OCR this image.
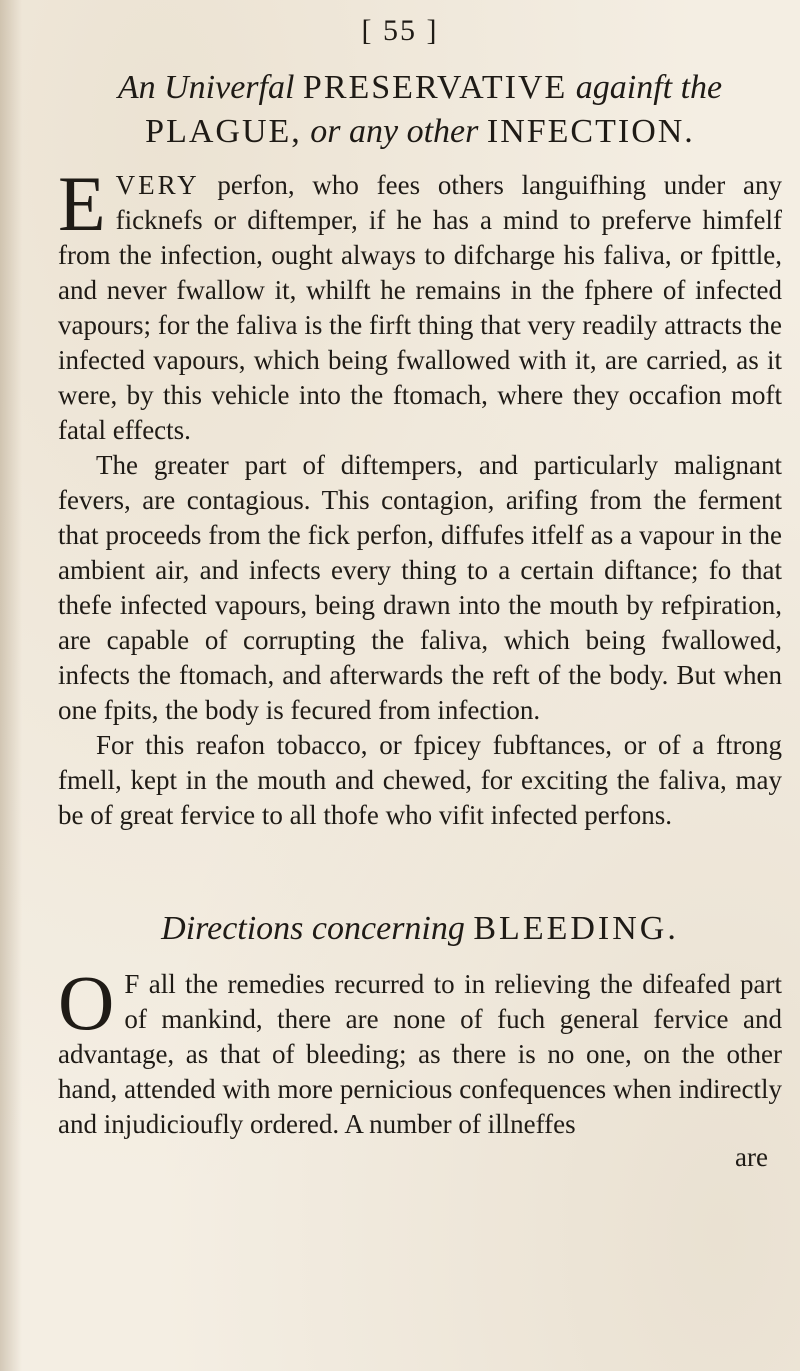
[ 55 ]
An Univerfal PRESERVATIVE againft the
PLAGUE, or any other INFECTION.

E VERY perfon, who fees others languifhing under any ficknefs or diftemper, if he has a mind to preferve himfelf from the infection, ought always to difcharge his faliva, or fpittle, and never fwallow it, whilft he remains in the fphere of infected vapours; for the faliva is the firft thing that very readily attracts the infected vapours, which being fwallowed with it, are carried, as it were, by this vehicle into the ftomach, where they occafion moft fatal effects.

The greater part of diftempers, and particularly malignant fevers, are contagious. This contagion, arifing from the ferment that proceeds from the fick perfon, diffufes itfelf as a vapour in the ambient air, and infects every thing to a certain diftance; fo that thefe infected vapours, being drawn into the mouth by refpiration, are capable of corrupting the faliva, which being fwallowed, infects the ftomach, and afterwards the reft of the body. But when one fpits, the body is fecured from infection.

For this reafon tobacco, or fpicey fubftances, or of a ftrong fmell, kept in the mouth and chewed, for exciting the faliva, may be of great fervice to all thofe who vifit infected perfons.

Directions concerning BLEEDING.

O F all the remedies recurred to in relieving the difeafed part of mankind, there are none of fuch general fervice and advantage, as that of bleeding; as there is no one, on the other hand, attended with more pernicious confequences when indirectly and injudicioufly ordered. A number of illneffes

are
